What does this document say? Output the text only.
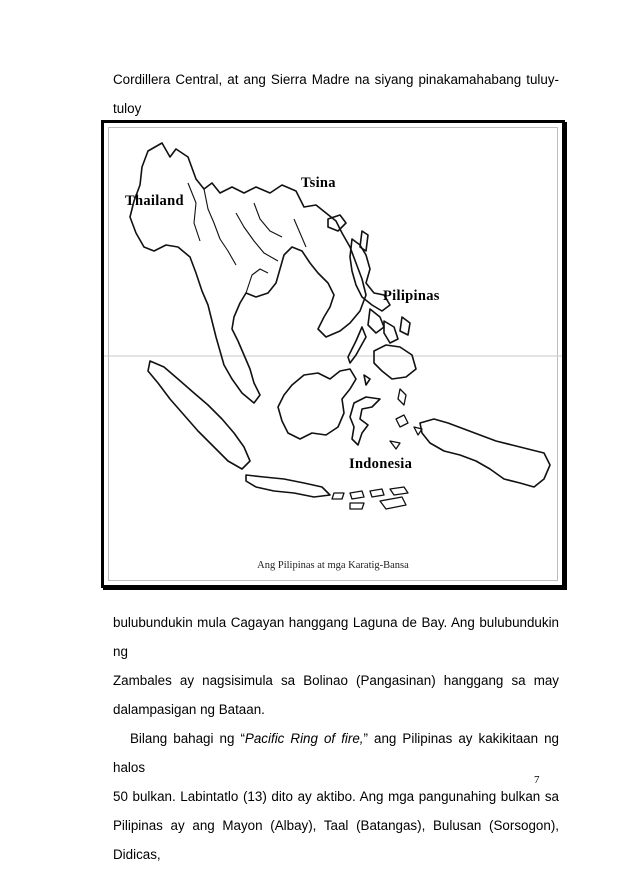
Cordillera Central, at ang Sierra Madre na siyang pinakamahabang tuluy-tuloy
Tsina
Thailand
Pilipinas
Indonesia
Ang Pilipinas at mga Karatig-Bansa
bulubundukin mula Cagayan hanggang Laguna de Bay. Ang bulubundukin ng
Zambales ay nagsisimula sa Bolinao (Pangasinan) hanggang sa may
dalampasigan ng Bataan.
Bilang bahagi ng “Pacific Ring of fire,” ang Pilipinas ay kakikitaan ng halos
50 bulkan. Labintatlo (13) dito ay aktibo. Ang mga pangunahing bulkan sa
Pilipinas ay ang Mayon (Albay), Taal (Batangas), Bulusan (Sorsogon), Didicas,
7
